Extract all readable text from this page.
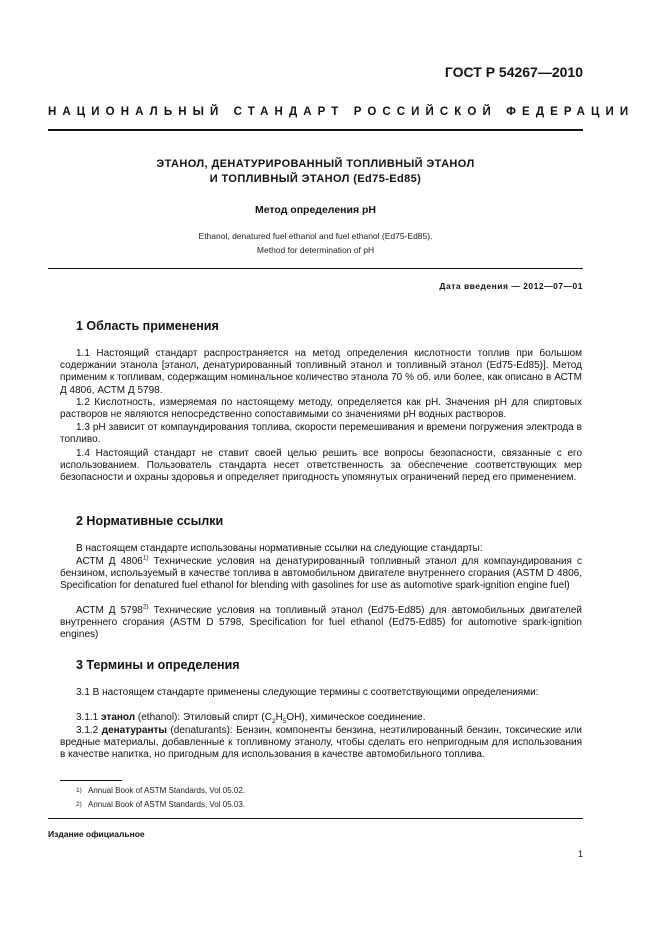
ГОСТ Р 54267—2010
НАЦИОНАЛЬНЫЙ СТАНДАРТ РОССИЙСКОЙ ФЕДЕРАЦИИ
ЭТАНОЛ, ДЕНАТУРИРОВАННЫЙ ТОПЛИВНЫЙ ЭТАНОЛ
И ТОПЛИВНЫЙ ЭТАНОЛ (Ed75-Ed85)
Метод определения pH
Ethanol, denatured fuel ethanol and fuel ethanol (Ed75-Ed85).
Method for determination of pH
Дата введения — 2012—07—01
1 Область применения
1.1 Настоящий стандарт распространяется на метод определения кислотности топлив при большом содержании этанола [этанол, денатурированный топливный этанол и топливный этанол (Ed75-Ed85)]. Метод применим к топливам, содержащим номинальное количество этанола 70 % об. или более, как описано в АСТМ Д 4806, АСТМ Д 5798.
1.2 Кислотность, измеряемая по настоящему методу, определяется как pH. Значения pH для спиртовых растворов не являются непосредственно сопоставимыми со значениями pH водных растворов.
1.3 pH зависит от компаундирования топлива, скорости перемешивания и времени погружения электрода в топливо.
1.4 Настоящий стандарт не ставит своей целью решить все вопросы безопасности, связанные с его использованием. Пользователь стандарта несет ответственность за обеспечение соответствующих мер безопасности и охраны здоровья и определяет пригодность упомянутых ограничений перед его применением.
2 Нормативные ссылки
В настоящем стандарте использованы нормативные ссылки на следующие стандарты:
АСТМ Д 4806$^{1)}$ Технические условия на денатурированный топливный этанол для компаундирования с бензином, используемый в качестве топлива в автомобильном двигателе внутреннего сгорания (ASTM D 4806, Specification for denatured fuel ethanol for blending with gasolines for use as automotive spark-ignition engine fuel)
АСТМ Д 5798$^{2)}$ Технические условия на топливный этанол (Ed75-Ed85) для автомобильных двигателей внутреннего сгорания (ASTM D 5798, Specification for fuel ethanol (Ed75-Ed85) for automotive spark-ignition engines)
3 Термины и определения
3.1 В настоящем стандарте применены следующие термины с соответствующими определениями:
3.1.1 этанол (ethanol): Этиловый спирт $(C_2H_5OH)$, химическое соединение.
3.1.2 денатуранты (denaturants): Бензин, компоненты бензина, неэтилированный бензин, токсические или вредные материалы, добавленные к топливному этанолу, чтобы сделать его непригодным для использования в качестве напитка, но пригодным для использования в качестве автомобильного топлива.
1) Annual Book of ASTM Standards, Vol 05.02.
2) Annual Book of ASTM Standards, Vol 05.03.
Издание официальное
1
